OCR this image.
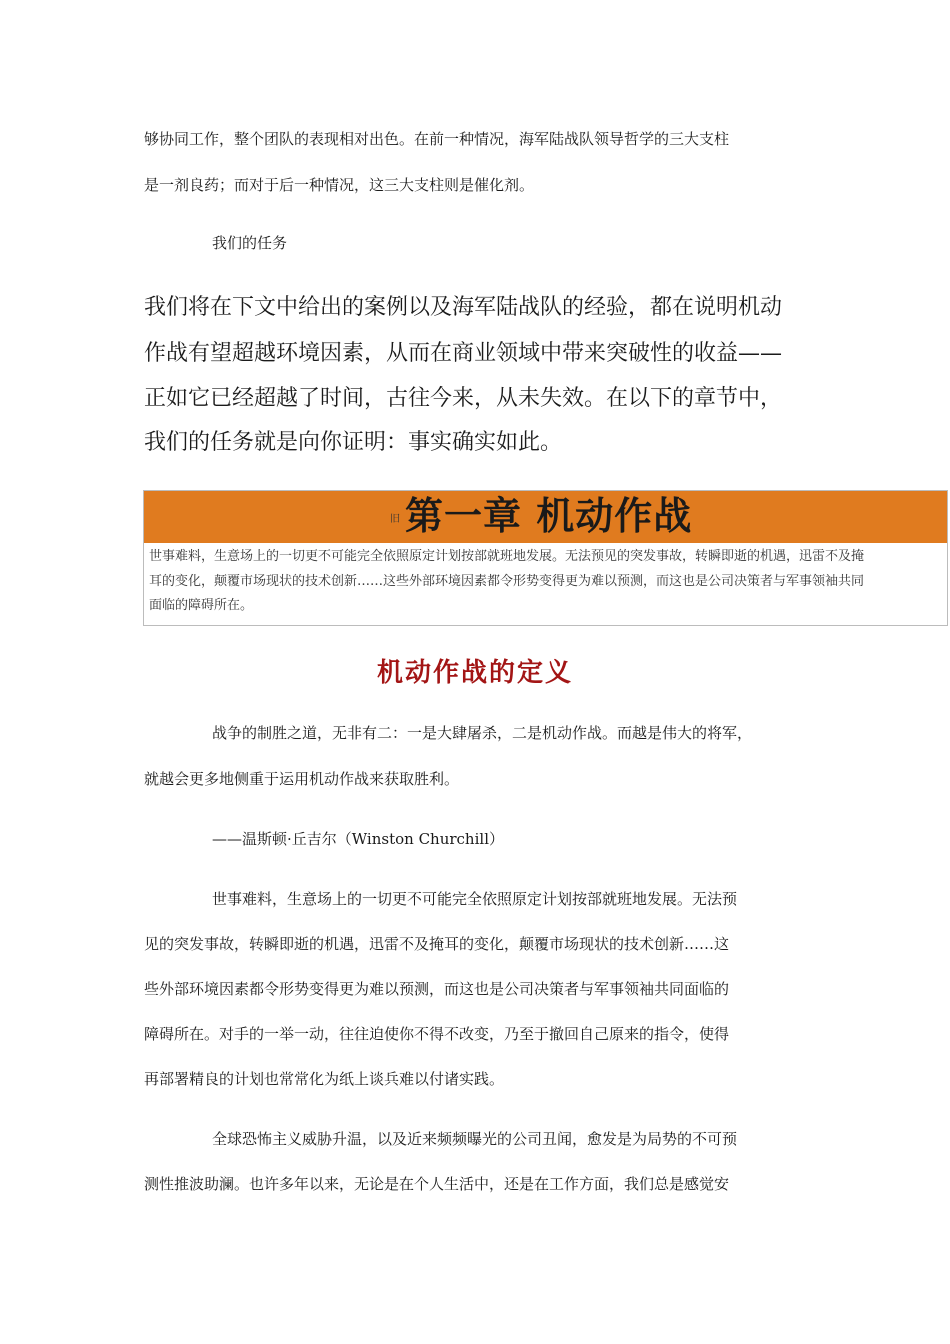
够协同工作，整个团队的表现相对出色。在前一种情况，海军陆战队领导哲学的三大支柱
是一剂良药；而对于后一种情况，这三大支柱则是催化剂。
我们的任务
我们将在下文中给出的案例以及海军陆战队的经验，都在说明机动
作战有望超越环境因素，从而在商业领域中带来突破性的收益——
正如它已经超越了时间，古往今来，从未失效。在以下的章节中，
我们的任务就是向你证明：事实确实如此。
旧 第一章 机动作战
世事难料，生意场上的一切更不可能完全依照原定计划按部就班地发展。无法预见的突发事故，转瞬即逝的机遇，迅雷不及掩
耳的变化，颠覆市场现状的技术创新……这些外部环境因素都令形势变得更为难以预测，而这也是公司决策者与军事领袖共同
面临的障碍所在。
机动作战的定义
战争的制胜之道，无非有二：一是大肆屠杀，二是机动作战。而越是伟大的将军，
就越会更多地侧重于运用机动作战来获取胜利。
——温斯顿·丘吉尔（Winston Churchill）
世事难料，生意场上的一切更不可能完全依照原定计划按部就班地发展。无法预
见的突发事故，转瞬即逝的机遇，迅雷不及掩耳的变化，颠覆市场现状的技术创新……这
些外部环境因素都令形势变得更为难以预测，而这也是公司决策者与军事领袖共同面临的
障碍所在。对手的一举一动，往往迫使你不得不改变，乃至于撤回自己原来的指令，使得
再部署精良的计划也常常化为纸上谈兵难以付诸实践。
全球恐怖主义威胁升温，以及近来频频曝光的公司丑闻，愈发是为局势的不可预
测性推波助澜。也许多年以来，无论是在个人生活中，还是在工作方面，我们总是感觉安
